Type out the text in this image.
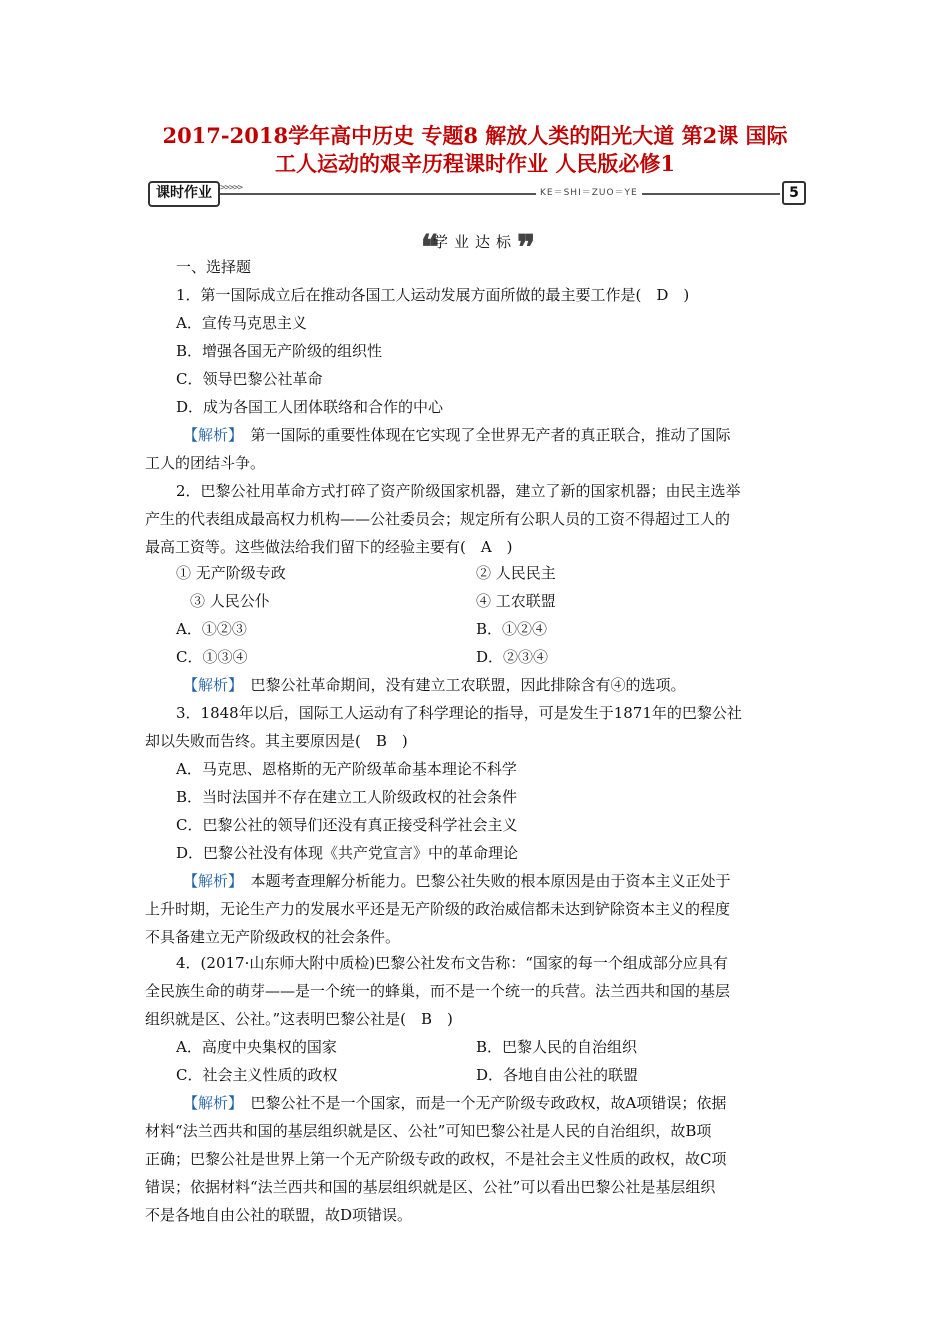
2017-2018学年高中历史 专题8 解放人类的阳光大道 第2课 国际
工人运动的艰辛历程课时作业 人民版必修1
课时作业 >>>>>	KE＝SHI＝ZUO＝YE	5
❝学业达标❞
一、选择题
1．第一国际成立后在推动各国工人运动发展方面所做的最主要工作是(　D　)
A．宣传马克思主义
B．增强各国无产阶级的组织性
C．领导巴黎公社革命
D．成为各国工人团体联络和合作的中心
【解析】　第一国际的重要性体现在它实现了全世界无产者的真正联合，推动了国际
工人的团结斗争。
2．巴黎公社用革命方式打碎了资产阶级国家机器，建立了新的国家机器；由民主选举
产生的代表组成最高权力机构——公社委员会；规定所有公职人员的工资不得超过工人的
最高工资等。这些做法给我们留下的经验主要有(　A　)
① 无产阶级专政	② 人民民主
③ 人民公仆	④ 工农联盟
A．①②③	B．①②④
C．①③④	D．②③④
【解析】　巴黎公社革命期间，没有建立工农联盟，因此排除含有④的选项。
3．1848年以后，国际工人运动有了科学理论的指导，可是发生于1871年的巴黎公社
却以失败而告终。其主要原因是(　B　)
A．马克思、恩格斯的无产阶级革命基本理论不科学
B．当时法国并不存在建立工人阶级政权的社会条件
C．巴黎公社的领导们还没有真正接受科学社会主义
D．巴黎公社没有体现《共产党宣言》中的革命理论
【解析】　本题考查理解分析能力。巴黎公社失败的根本原因是由于资本主义正处于
上升时期，无论生产力的发展水平还是无产阶级的政治威信都未达到铲除资本主义的程度
不具备建立无产阶级政权的社会条件。
4．(2017·山东师大附中质检)巴黎公社发布文告称：“国家的每一个组成部分应具有
全民族生命的萌芽——是一个统一的蜂巢，而不是一个统一的兵营。法兰西共和国的基层
组织就是区、公社。”这表明巴黎公社是(　B　)
A．高度中央集权的国家	B．巴黎人民的自治组织
C．社会主义性质的政权	D．各地自由公社的联盟
【解析】　巴黎公社不是一个国家，而是一个无产阶级专政政权，故A项错误；依据
材料“法兰西共和国的基层组织就是区、公社”可知巴黎公社是人民的自治组织，故B项
正确；巴黎公社是世界上第一个无产阶级专政的政权，不是社会主义性质的政权，故C项
错误；依据材料“法兰西共和国的基层组织就是区、公社”可以看出巴黎公社是基层组织
不是各地自由公社的联盟，故D项错误。
